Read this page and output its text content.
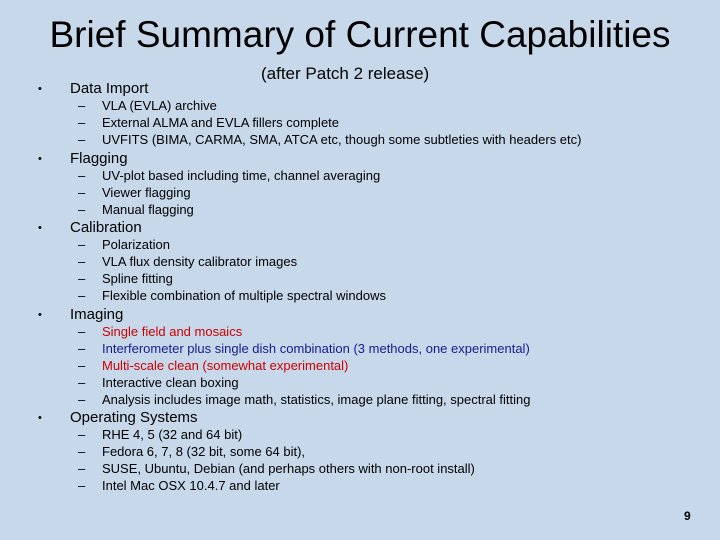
Brief Summary of Current Capabilities
(after Patch 2 release)
• Data Import
– VLA (EVLA) archive
– External ALMA and EVLA fillers complete
– UVFITS (BIMA, CARMA, SMA, ATCA etc, though some subtleties with headers etc)
• Flagging
– UV-plot based including time, channel averaging
– Viewer flagging
– Manual flagging
• Calibration
– Polarization
– VLA flux density calibrator images
– Spline fitting
– Flexible combination of multiple spectral windows
• Imaging
– Single field and mosaics
– Interferometer plus single dish combination (3 methods, one experimental)
– Multi-scale clean (somewhat experimental)
– Interactive clean boxing
– Analysis includes image math, statistics, image plane fitting, spectral fitting
• Operating Systems
– RHE 4, 5 (32 and 64 bit)
– Fedora 6, 7, 8 (32 bit, some 64 bit),
– SUSE, Ubuntu, Debian (and perhaps others with non-root install)
– Intel Mac OSX 10.4.7 and later
9
